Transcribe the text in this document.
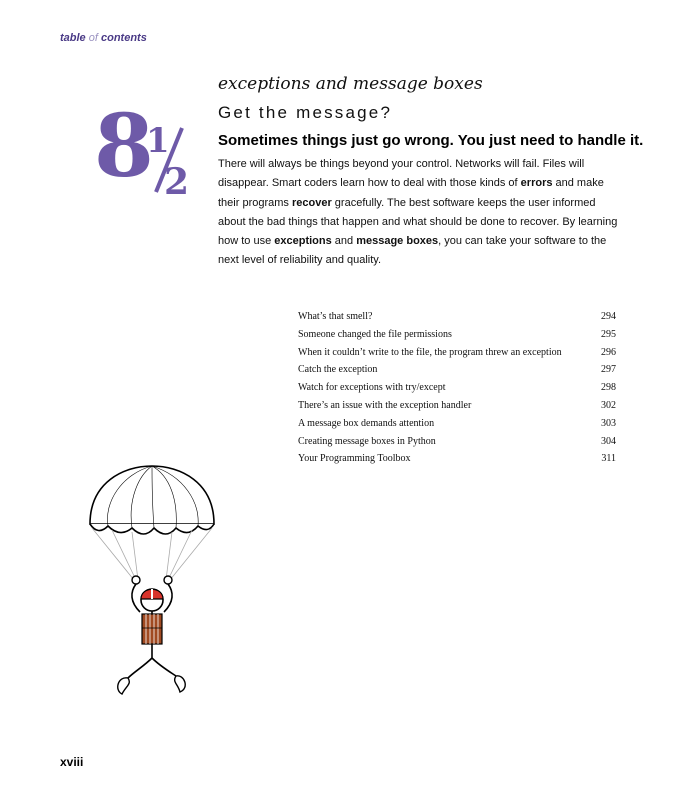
table of contents
8
1
2
exceptions and message boxes
Get the message?
Sometimes things just go wrong. You just need to handle it.
There will always be things beyond your control. Networks will fail. Files will disappear. Smart coders learn how to deal with those kinds of errors and make their programs recover gracefully. The best software keeps the user informed about the bad things that happen and what should be done to recover. By learning how to use exceptions and message boxes, you can take your software to the next level of reliability and quality.
What’s that smell?	294
Someone changed the file permissions	295
When it couldn’t write to the file, the program threw an exception	296
Catch the exception	297
Watch for exceptions with try/except	298
There’s an issue with the exception handler	302
A message box demands attention	303
Creating message boxes in Python	304
Your Programming Toolbox	311
xviii
